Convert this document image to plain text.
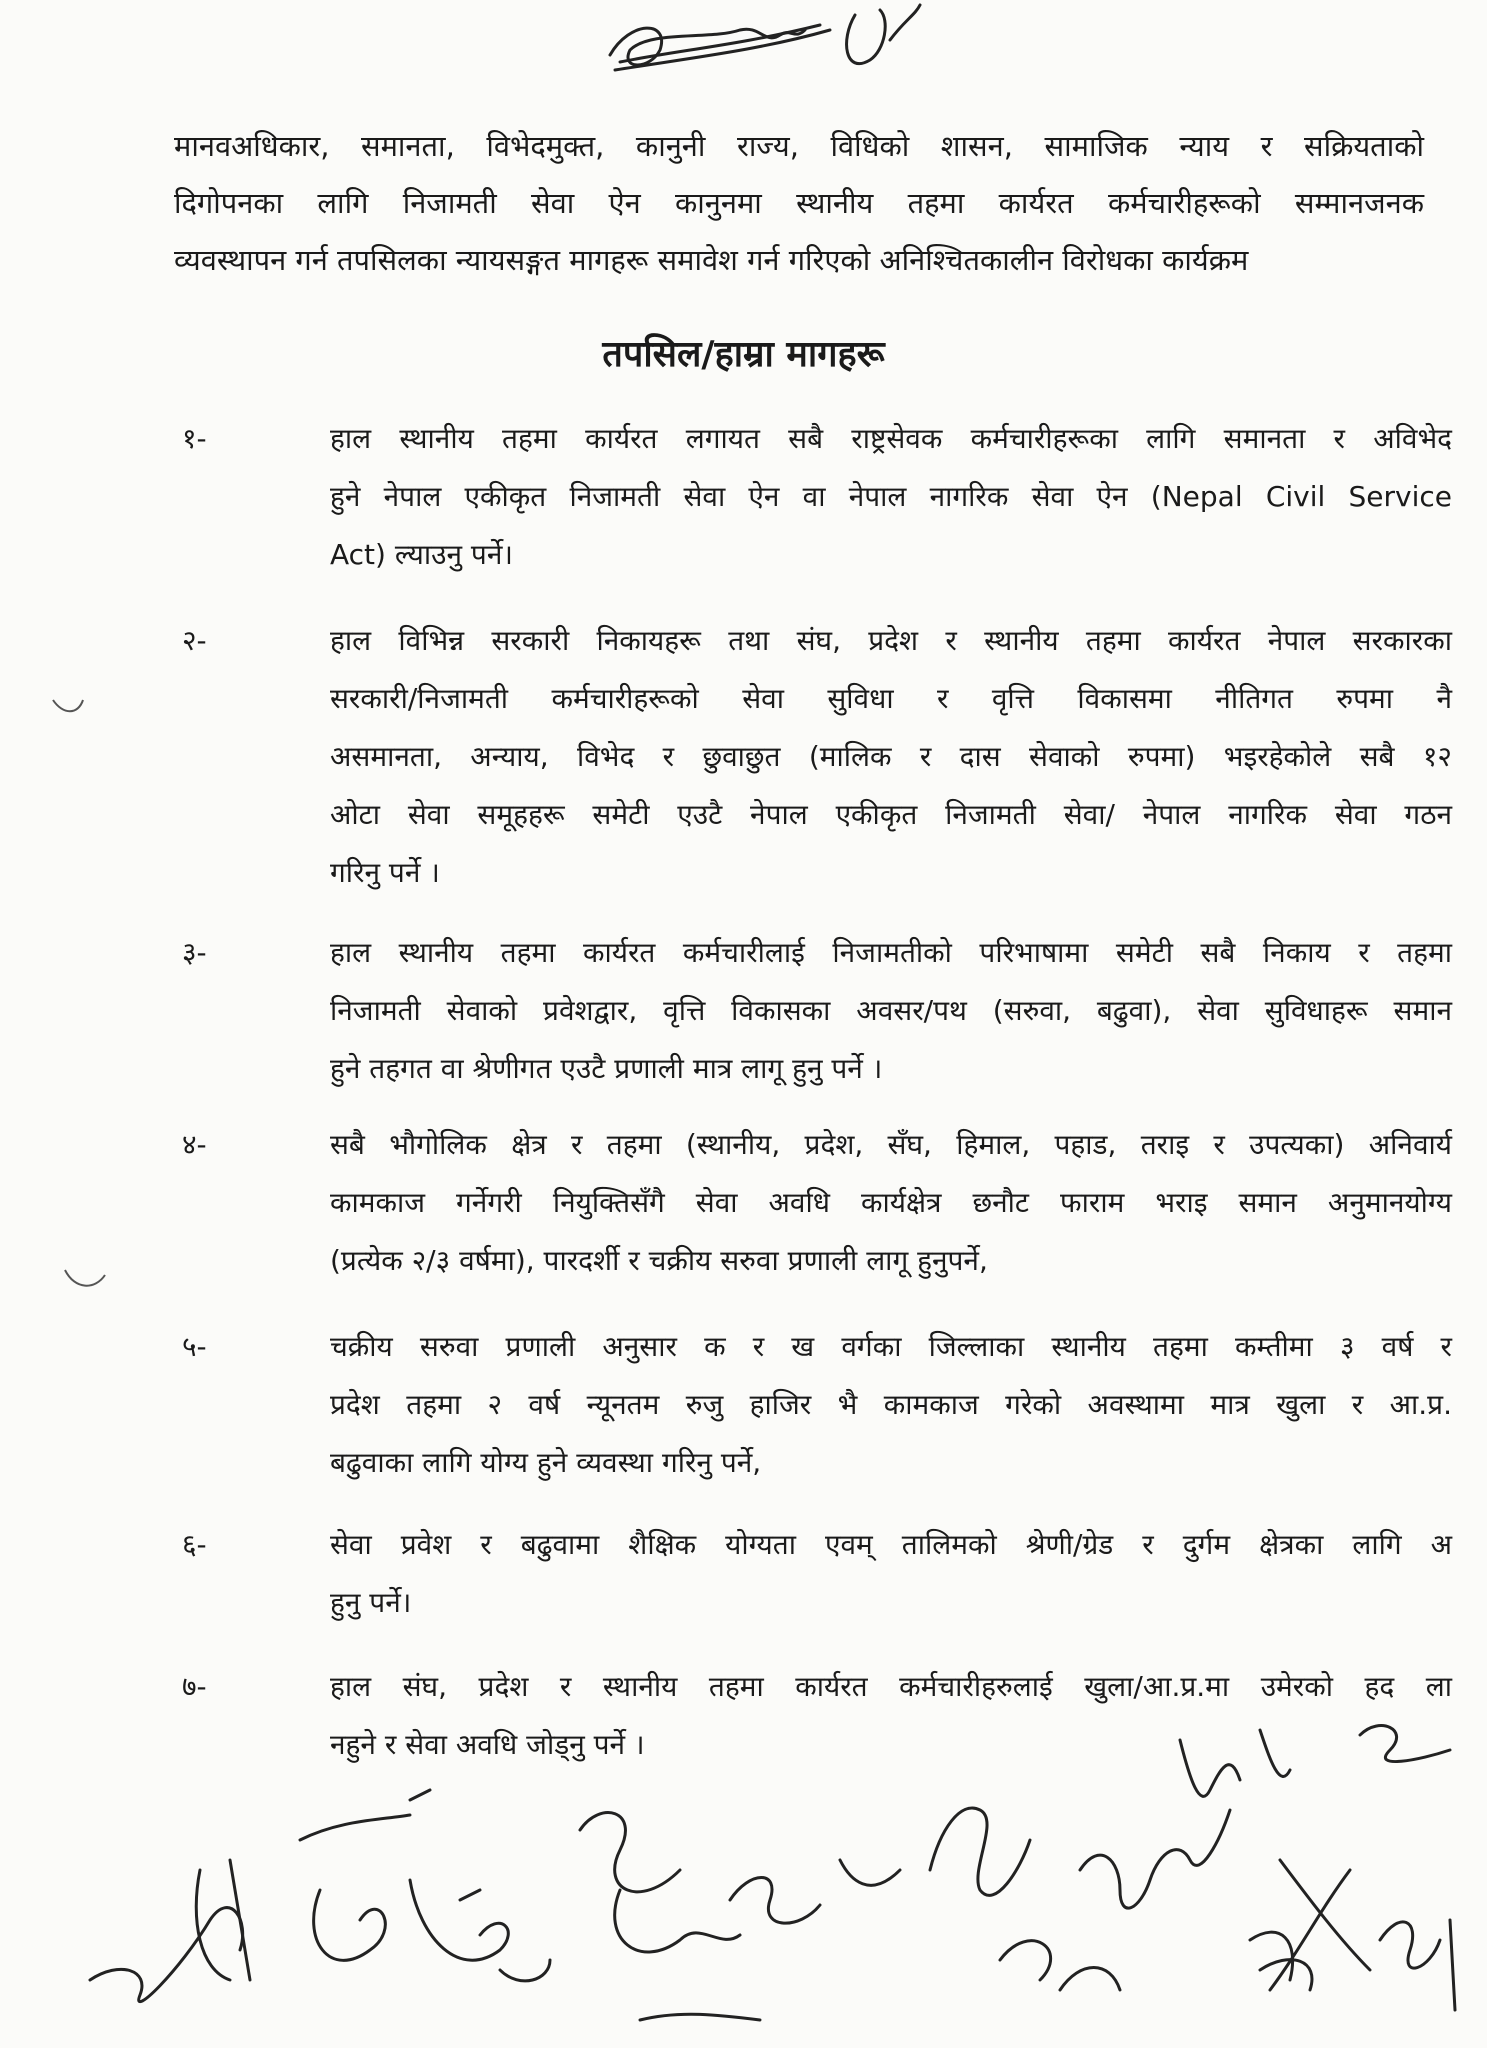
मानवअधिकार, समानता, विभेदमुक्त, कानुनी राज्य, विधिको शासन, सामाजिक न्याय र सक्रियताको
दिगोपनका लागि निजामती सेवा ऐन कानुनमा स्थानीय तहमा कार्यरत कर्मचारीहरूको सम्मानजनक
व्यवस्थापन गर्न तपसिलका न्यायसङ्गत मागहरू समावेश गर्न गरिएको अनिश्चितकालीन विरोधका कार्यक्रम
तपसिल/हाम्रा मागहरू
१-	हाल स्थानीय तहमा कार्यरत लगायत सबै राष्ट्रसेवक कर्मचारीहरूका लागि समानता र अविभेद
हुने नेपाल एकीकृत निजामती सेवा ऐन वा नेपाल नागरिक सेवा ऐन (Nepal Civil Service
Act) ल्याउनु पर्ने।

२-	हाल विभिन्न सरकारी निकायहरू तथा संघ, प्रदेश र स्थानीय तहमा कार्यरत नेपाल सरकारका
सरकारी/निजामती कर्मचारीहरूको सेवा सुविधा र वृत्ति विकासमा नीतिगत रुपमा नै
असमानता, अन्याय, विभेद र छुवाछुत (मालिक र दास सेवाको रुपमा) भइरहेकोले सबै १२
ओटा सेवा समूहहरू समेटी एउटै नेपाल एकीकृत निजामती सेवा/ नेपाल नागरिक सेवा गठन
गरिनु पर्ने ।

३-	हाल स्थानीय तहमा कार्यरत कर्मचारीलाई निजामतीको परिभाषामा समेटी सबै निकाय र तहमा
निजामती सेवाको प्रवेशद्वार, वृत्ति विकासका अवसर/पथ (सरुवा, बढुवा), सेवा सुविधाहरू समान
हुने तहगत वा श्रेणीगत एउटै प्रणाली मात्र लागू हुनु पर्ने ।

४-	सबै भौगोलिक क्षेत्र र तहमा (स्थानीय, प्रदेश, सँघ, हिमाल, पहाड, तराइ र उपत्यका) अनिवार्य
कामकाज गर्नेगरी नियुक्तिसँगै सेवा अवधि कार्यक्षेत्र छनौट फाराम भराइ समान अनुमानयोग्य
(प्रत्येक २/३ वर्षमा), पारदर्शी र चक्रीय सरुवा प्रणाली लागू हुनुपर्ने,

५-	चक्रीय सरुवा प्रणाली अनुसार क र ख वर्गका जिल्लाका स्थानीय तहमा कम्तीमा ३ वर्ष र
प्रदेश तहमा २ वर्ष न्यूनतम रुजु हाजिर भै कामकाज गरेको अवस्थामा मात्र खुला र आ.प्र.
बढुवाका लागि योग्य हुने व्यवस्था गरिनु पर्ने,

६-	सेवा प्रवेश र बढुवामा शैक्षिक योग्यता एवम् तालिमको श्रेणी/ग्रेड र दुर्गम क्षेत्रका लागि अ
हुनु पर्ने।

७-	हाल संघ, प्रदेश र स्थानीय तहमा कार्यरत कर्मचारीहरुलाई खुला/आ.प्र.मा उमेरको हद ला
नहुने र सेवा अवधि जोड्नु पर्ने ।
